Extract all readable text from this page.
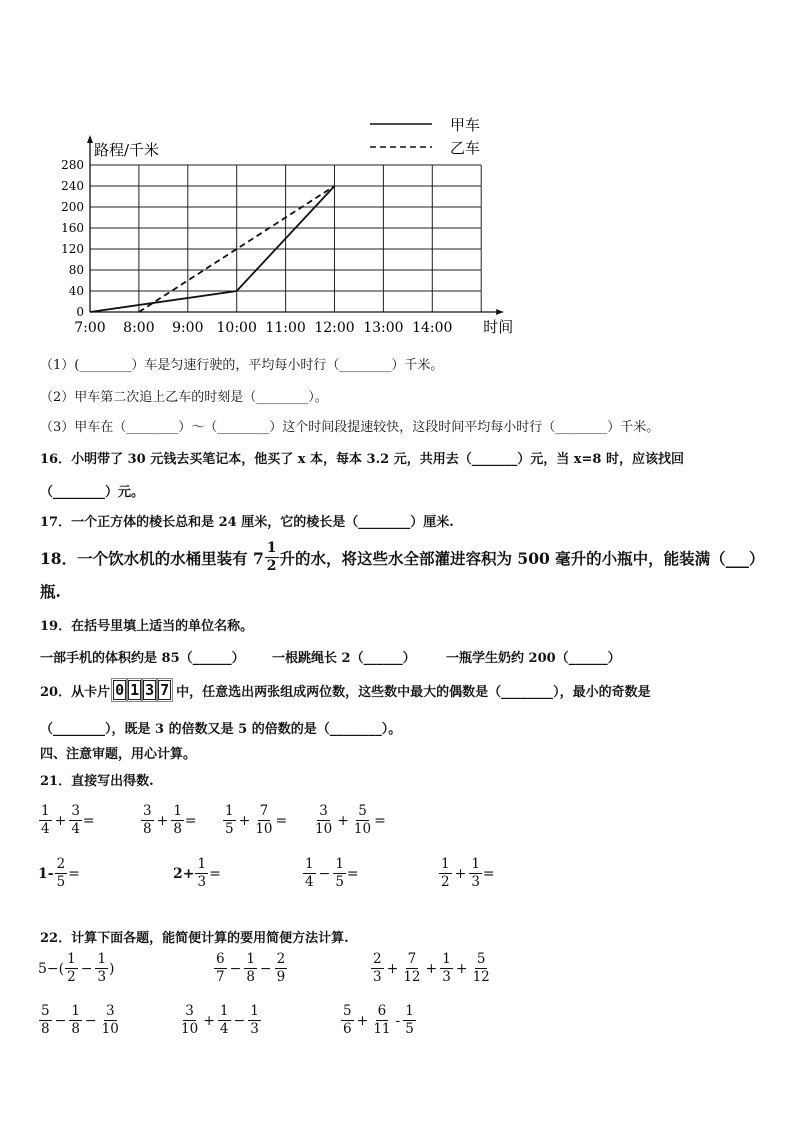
0
40
80
120
160
200
240
280
7:00 8:00 9:00 10:00 11:00 12:00 13:00 14:00
路程/千米
时间
甲车
乙车
（1）(________）车是匀速行驶的，平均每小时行（________）千米。
（2）甲车第二次追上乙车的时刻是（________）。
（3）甲车在（________）～（________）这个时间段提速较快，这段时间平均每小时行（________）千米。
16．小明带了 30 元钱去买笔记本，他买了 x 本，每本 3.2 元，共用去（_______）元，当 x=8 时，应该找回
（________）元。
17．一个正方体的棱长总和是 24 厘米，它的棱长是（________）厘米.
18．一个饮水机的水桶里装有 $7 \frac{1}{2}$ 升的水，将这些水全部灌进容积为 500 毫升的小瓶中，能装满（___）
瓶.
19．在括号里填上适当的单位名称。
一部手机的体积约是 85（______） 一根跳绳长 2（______） 一瓶学生奶约 200（______）
20．从卡片 0 1 3 7 中，任意选出两张组成两位数，这些数中最大的偶数是（________），最小的奇数是
（________），既是 3 的倍数又是 5 的倍数的是（________）。
四、注意审题，用心计算。
21．直接写出得数.
$\frac{1}{4} + \frac{3}{4}$ =	$\frac{3}{8} + \frac{1}{8} = \frac{1}{5} + \frac{7}{10} = \frac{3}{10} + \frac{5}{10}$ =
$1- \frac{2}{5}$ =	$2+ \frac{1}{3}$ =	$\frac{1}{4} - \frac{1}{5}$ =	$\frac{1}{2} + \frac{1}{3}$ =
22．计算下面各题，能简便计算的要用简便方法计算.
$5-( \frac{1}{2} - \frac{1}{3}$ )	$\frac{6}{7} - \frac{1}{8} - \frac{2}{9}$	$\frac{2}{3} + \frac{7}{12} + \frac{1}{3} + \frac{5}{12}$
$\frac{5}{8} - \frac{1}{8} - \frac{3}{10}$	$\frac{3}{10} + \frac{1}{4} - \frac{1}{3}$	$\frac{5}{6} + \frac{6}{11} - \frac{1}{5}$
